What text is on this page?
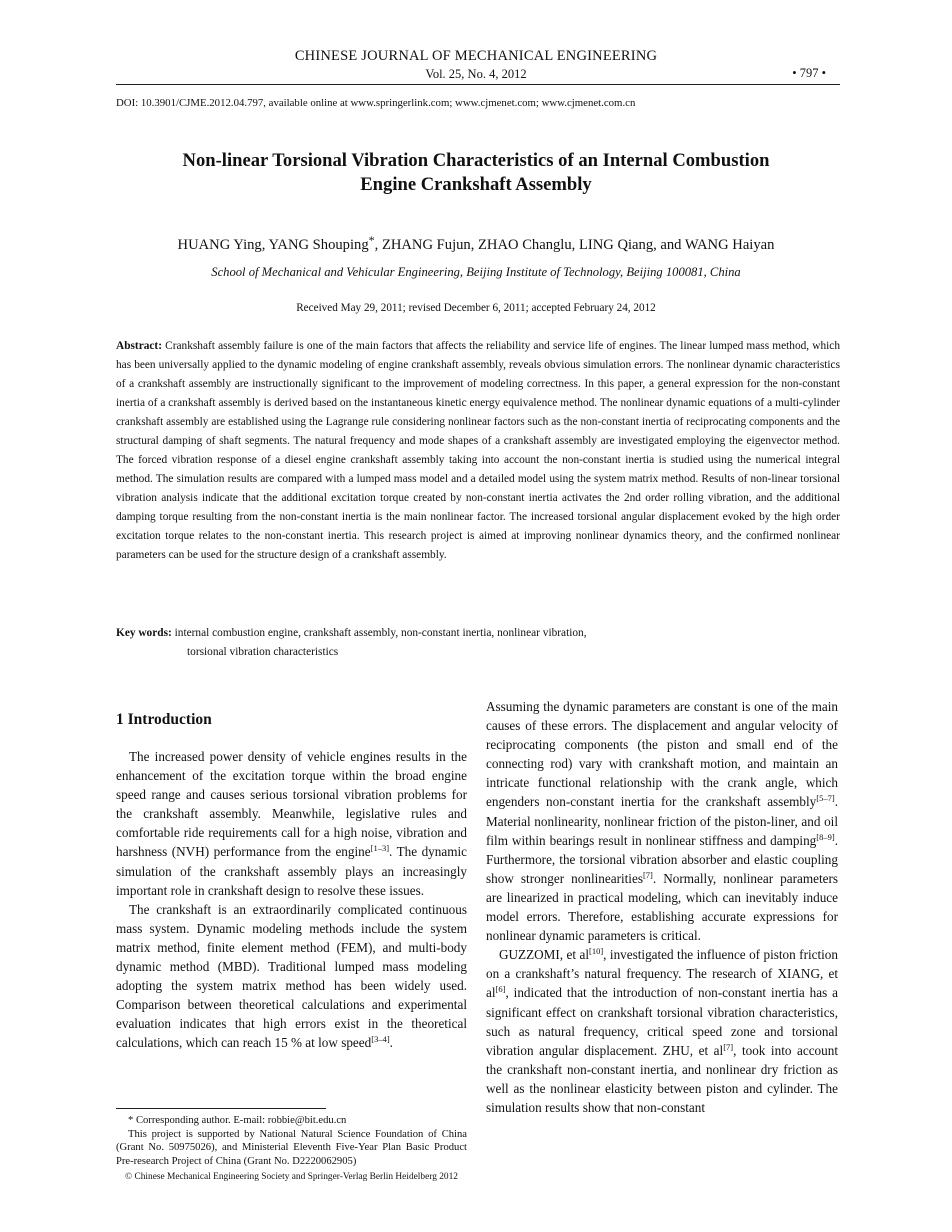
CHINESE JOURNAL OF MECHANICAL ENGINEERING
Vol. 25, No. 4, 2012	• 797 •
DOI: 10.3901/CJME.2012.04.797, available online at www.springerlink.com; www.cjmenet.com; www.cjmenet.com.cn
Non-linear Torsional Vibration Characteristics of an Internal Combustion
Engine Crankshaft Assembly
HUANG Ying, YANG Shouping*, ZHANG Fujun, ZHAO Changlu, LING Qiang, and WANG Haiyan
School of Mechanical and Vehicular Engineering, Beijing Institute of Technology, Beijing 100081, China
Received May 29, 2011; revised December 6, 2011; accepted February 24, 2012
Abstract: Crankshaft assembly failure is one of the main factors that affects the reliability and service life of engines. The linear lumped mass method, which has been universally applied to the dynamic modeling of engine crankshaft assembly, reveals obvious simulation errors. The nonlinear dynamic characteristics of a crankshaft assembly are instructionally significant to the improvement of modeling correctness. In this paper, a general expression for the non-constant inertia of a crankshaft assembly is derived based on the instantaneous kinetic energy equivalence method. The nonlinear dynamic equations of a multi-cylinder crankshaft assembly are established using the Lagrange rule considering nonlinear factors such as the non-constant inertia of reciprocating components and the structural damping of shaft segments. The natural frequency and mode shapes of a crankshaft assembly are investigated employing the eigenvector method. The forced vibration response of a diesel engine crankshaft assembly taking into account the non-constant inertia is studied using the numerical integral method. The simulation results are compared with a lumped mass model and a detailed model using the system matrix method. Results of non-linear torsional vibration analysis indicate that the additional excitation torque created by non-constant inertia activates the 2nd order rolling vibration, and the additional damping torque resulting from the non-constant inertia is the main nonlinear factor. The increased torsional angular displacement evoked by the high order excitation torque relates to the non-constant inertia. This research project is aimed at improving nonlinear dynamics theory, and the confirmed nonlinear parameters can be used for the structure design of a crankshaft assembly.
Key words: internal combustion engine, crankshaft assembly, non-constant inertia, nonlinear vibration,
torsional vibration characteristics
1 Introduction

The increased power density of vehicle engines results in the enhancement of the excitation torque within the broad engine speed range and causes serious torsional vibration problems for the crankshaft assembly. Meanwhile, legislative rules and comfortable ride requirements call for a high noise, vibration and harshness (NVH) performance from the engine[1–3]. The dynamic simulation of the crankshaft assembly plays an increasingly important role in crankshaft design to resolve these issues.

The crankshaft is an extraordinarily complicated continuous mass system. Dynamic modeling methods include the system matrix method, finite element method (FEM), and multi-body dynamic method (MBD). Traditional lumped mass modeling adopting the system matrix method has been widely used. Comparison between theoretical calculations and experimental evaluation indicates that high errors exist in the theoretical calculations, which can reach 15 % at low speed[3–4].

Assuming the dynamic parameters are constant is one of the main causes of these errors. The displacement and angular velocity of reciprocating components (the piston and small end of the connecting rod) vary with crankshaft motion, and maintain an intricate functional relationship with the crank angle, which engenders non-constant inertia for the crankshaft assembly[5–7]. Material nonlinearity, nonlinear friction of the piston-liner, and oil film within bearings result in nonlinear stiffness and damping[8–9]. Furthermore, the torsional vibration absorber and elastic coupling show stronger nonlinearities[7]. Normally, nonlinear parameters are linearized in practical modeling, which can inevitably induce model errors. Therefore, establishing accurate expressions for nonlinear dynamic parameters is critical.

GUZZOMI, et al[10], investigated the influence of piston friction on a crankshaft’s natural frequency. The research of XIANG, et al[6], indicated that the introduction of non-constant inertia has a significant effect on crankshaft torsional vibration characteristics, such as natural frequency, critical speed zone and torsional vibration angular displacement. ZHU, et al[7], took into account the crankshaft non-constant inertia, and nonlinear dry friction as well as the nonlinear elasticity between piston and cylinder. The simulation results show that non-constant

* Corresponding author. E-mail: robbie@bit.edu.cn

This project is supported by National Natural Science Foundation of China (Grant No. 50975026), and Ministerial Eleventh Five-Year Plan Basic Product Pre-research Project of China (Grant No. D2220062905)

© Chinese Mechanical Engineering Society and Springer-Verlag Berlin Heidelberg 2012
